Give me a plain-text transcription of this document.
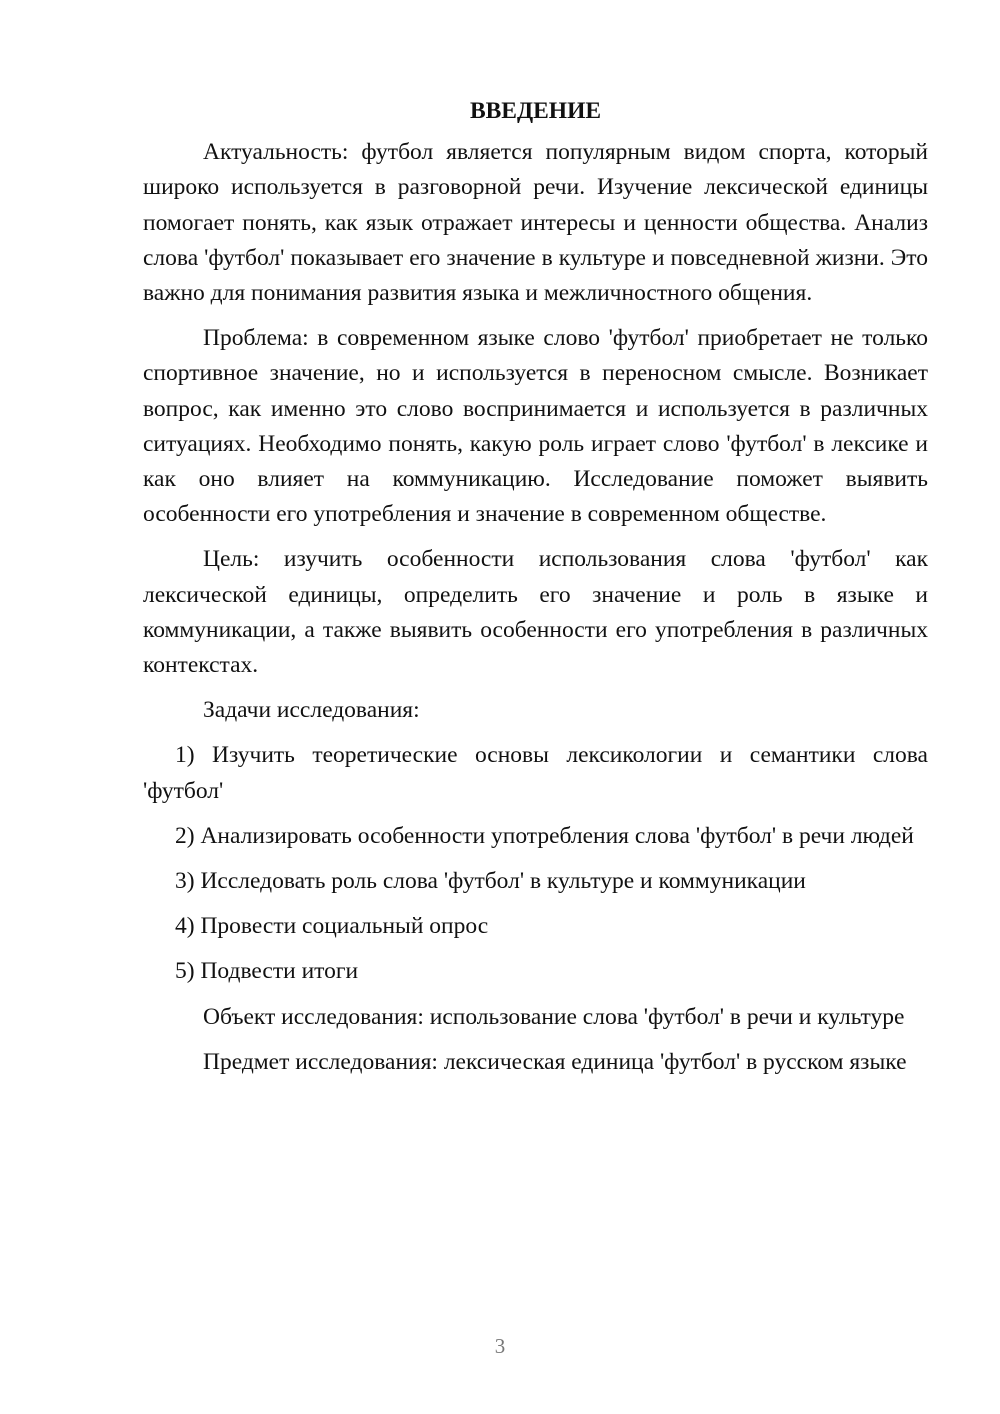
ВВЕДЕНИЕ

Актуальность: футбол является популярным видом спорта, который широко используется в разговорной речи. Изучение лексической единицы помогает понять, как язык отражает интересы и ценности общества. Анализ слова 'футбол' показывает его значение в культуре и повседневной жизни. Это важно для понимания развития языка и межличностного общения.

Проблема: в современном языке слово 'футбол' приобретает не только спортивное значение, но и используется в переносном смысле. Возникает вопрос, как именно это слово воспринимается и используется в различных ситуациях. Необходимо понять, какую роль играет слово 'футбол' в лексике и как оно влияет на коммуникацию. Исследование поможет выявить особенности его употребления и значение в современном обществе.

Цель: изучить особенности использования слова 'футбол' как лексической единицы, определить его значение и роль в языке и коммуникации, а также выявить особенности его употребления в различных контекстах.

Задачи исследования:

1) Изучить теоретические основы лексикологии и семантики слова 'футбол'

2) Анализировать особенности употребления слова 'футбол' в речи людей

3) Исследовать роль слова 'футбол' в культуре и коммуникации

4) Провести социальный опрос

5) Подвести итоги

Объект исследования: использование слова 'футбол' в речи и культуре

Предмет исследования: лексическая единица 'футбол' в русском языке

3
